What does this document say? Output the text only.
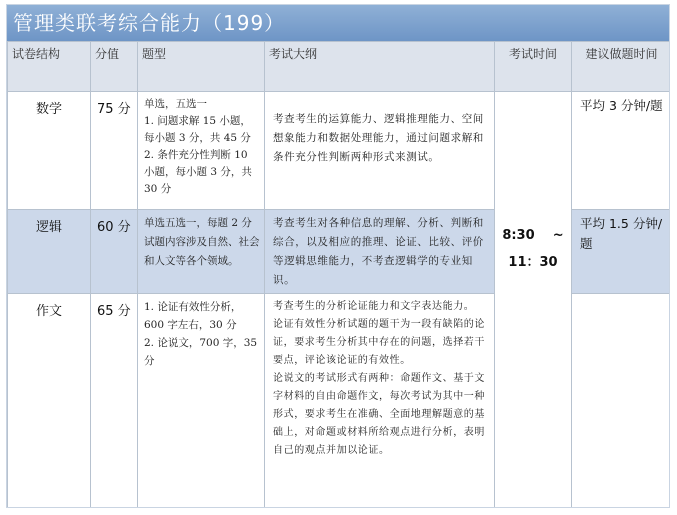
管理类联考综合能力（199）
试卷结构	分值	题型	考试大纲	考试时间	建议做题时间
数学	75 分	单选，五选一
1. 问题求解 15 小题，每小题 3 分，共 45 分
2. 条件充分性判断 10 小题，每小题 3 分，共 30 分	考查考生的运算能力、逻辑推理能力、空间想象能力和数据处理能力，通过问题求解和条件充分性判断两种形式来测试。	8:30 ~
11：30	平均 3 分钟/题
逻辑	60 分	单选五选一，每题 2 分试题内容涉及自然、社会和人文等各个领域。	考查考生对各种信息的理解、分析、判断和综合，以及相应的推理、论证、比较、评价等逻辑思维能力，不考查逻辑学的专业知识。		平均 1.5 分钟/题
作文	65 分	1. 论证有效性分析，600 字左右，30 分
2. 论说文，700 字，35 分	考查考生的分析论证能力和文字表达能力。
论证有效性分析试题的题干为一段有缺陷的论证，要求考生分析其中存在的问题，选择若干要点，评论该论证的有效性。
论说文的考试形式有两种：命题作文、基于文字材料的自由命题作文，每次考试为其中一种形式，要求考生在准确、全面地理解题意的基础上，对命题或材料所给观点进行分析，表明自己的观点并加以论证。		
